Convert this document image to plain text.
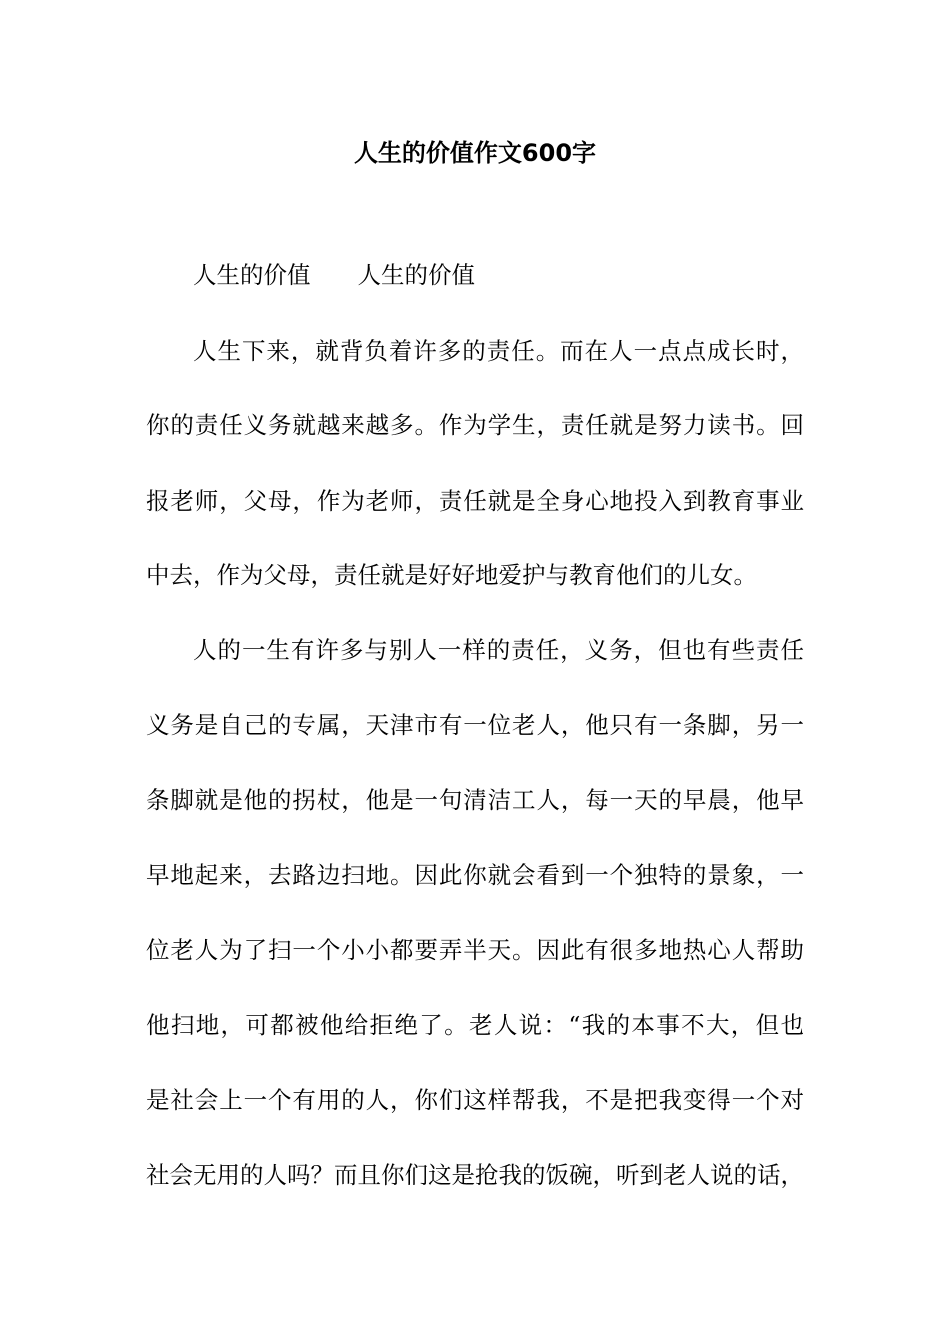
人生的价值作文600字
人生的价值 人生的价值
人生下来，就背负着许多的责任。而在人一点点成长时，
你的责任义务就越来越多。作为学生，责任就是努力读书。回
报老师，父母，作为老师，责任就是全身心地投入到教育事业
中去，作为父母，责任就是好好地爱护与教育他们的儿女。
人的一生有许多与别人一样的责任，义务，但也有些责任
义务是自己的专属，天津市有一位老人，他只有一条脚，另一
条脚就是他的拐杖，他是一句清洁工人，每一天的早晨，他早
早地起来，去路边扫地。因此你就会看到一个独特的景象，一
位老人为了扫一个小小都要弄半天。因此有很多地热心人帮助
他扫地，可都被他给拒绝了。老人说：“我的本事不大，但也
是社会上一个有用的人，你们这样帮我，不是把我变得一个对
社会无用的人吗？而且你们这是抢我的饭碗，听到老人说的话，
